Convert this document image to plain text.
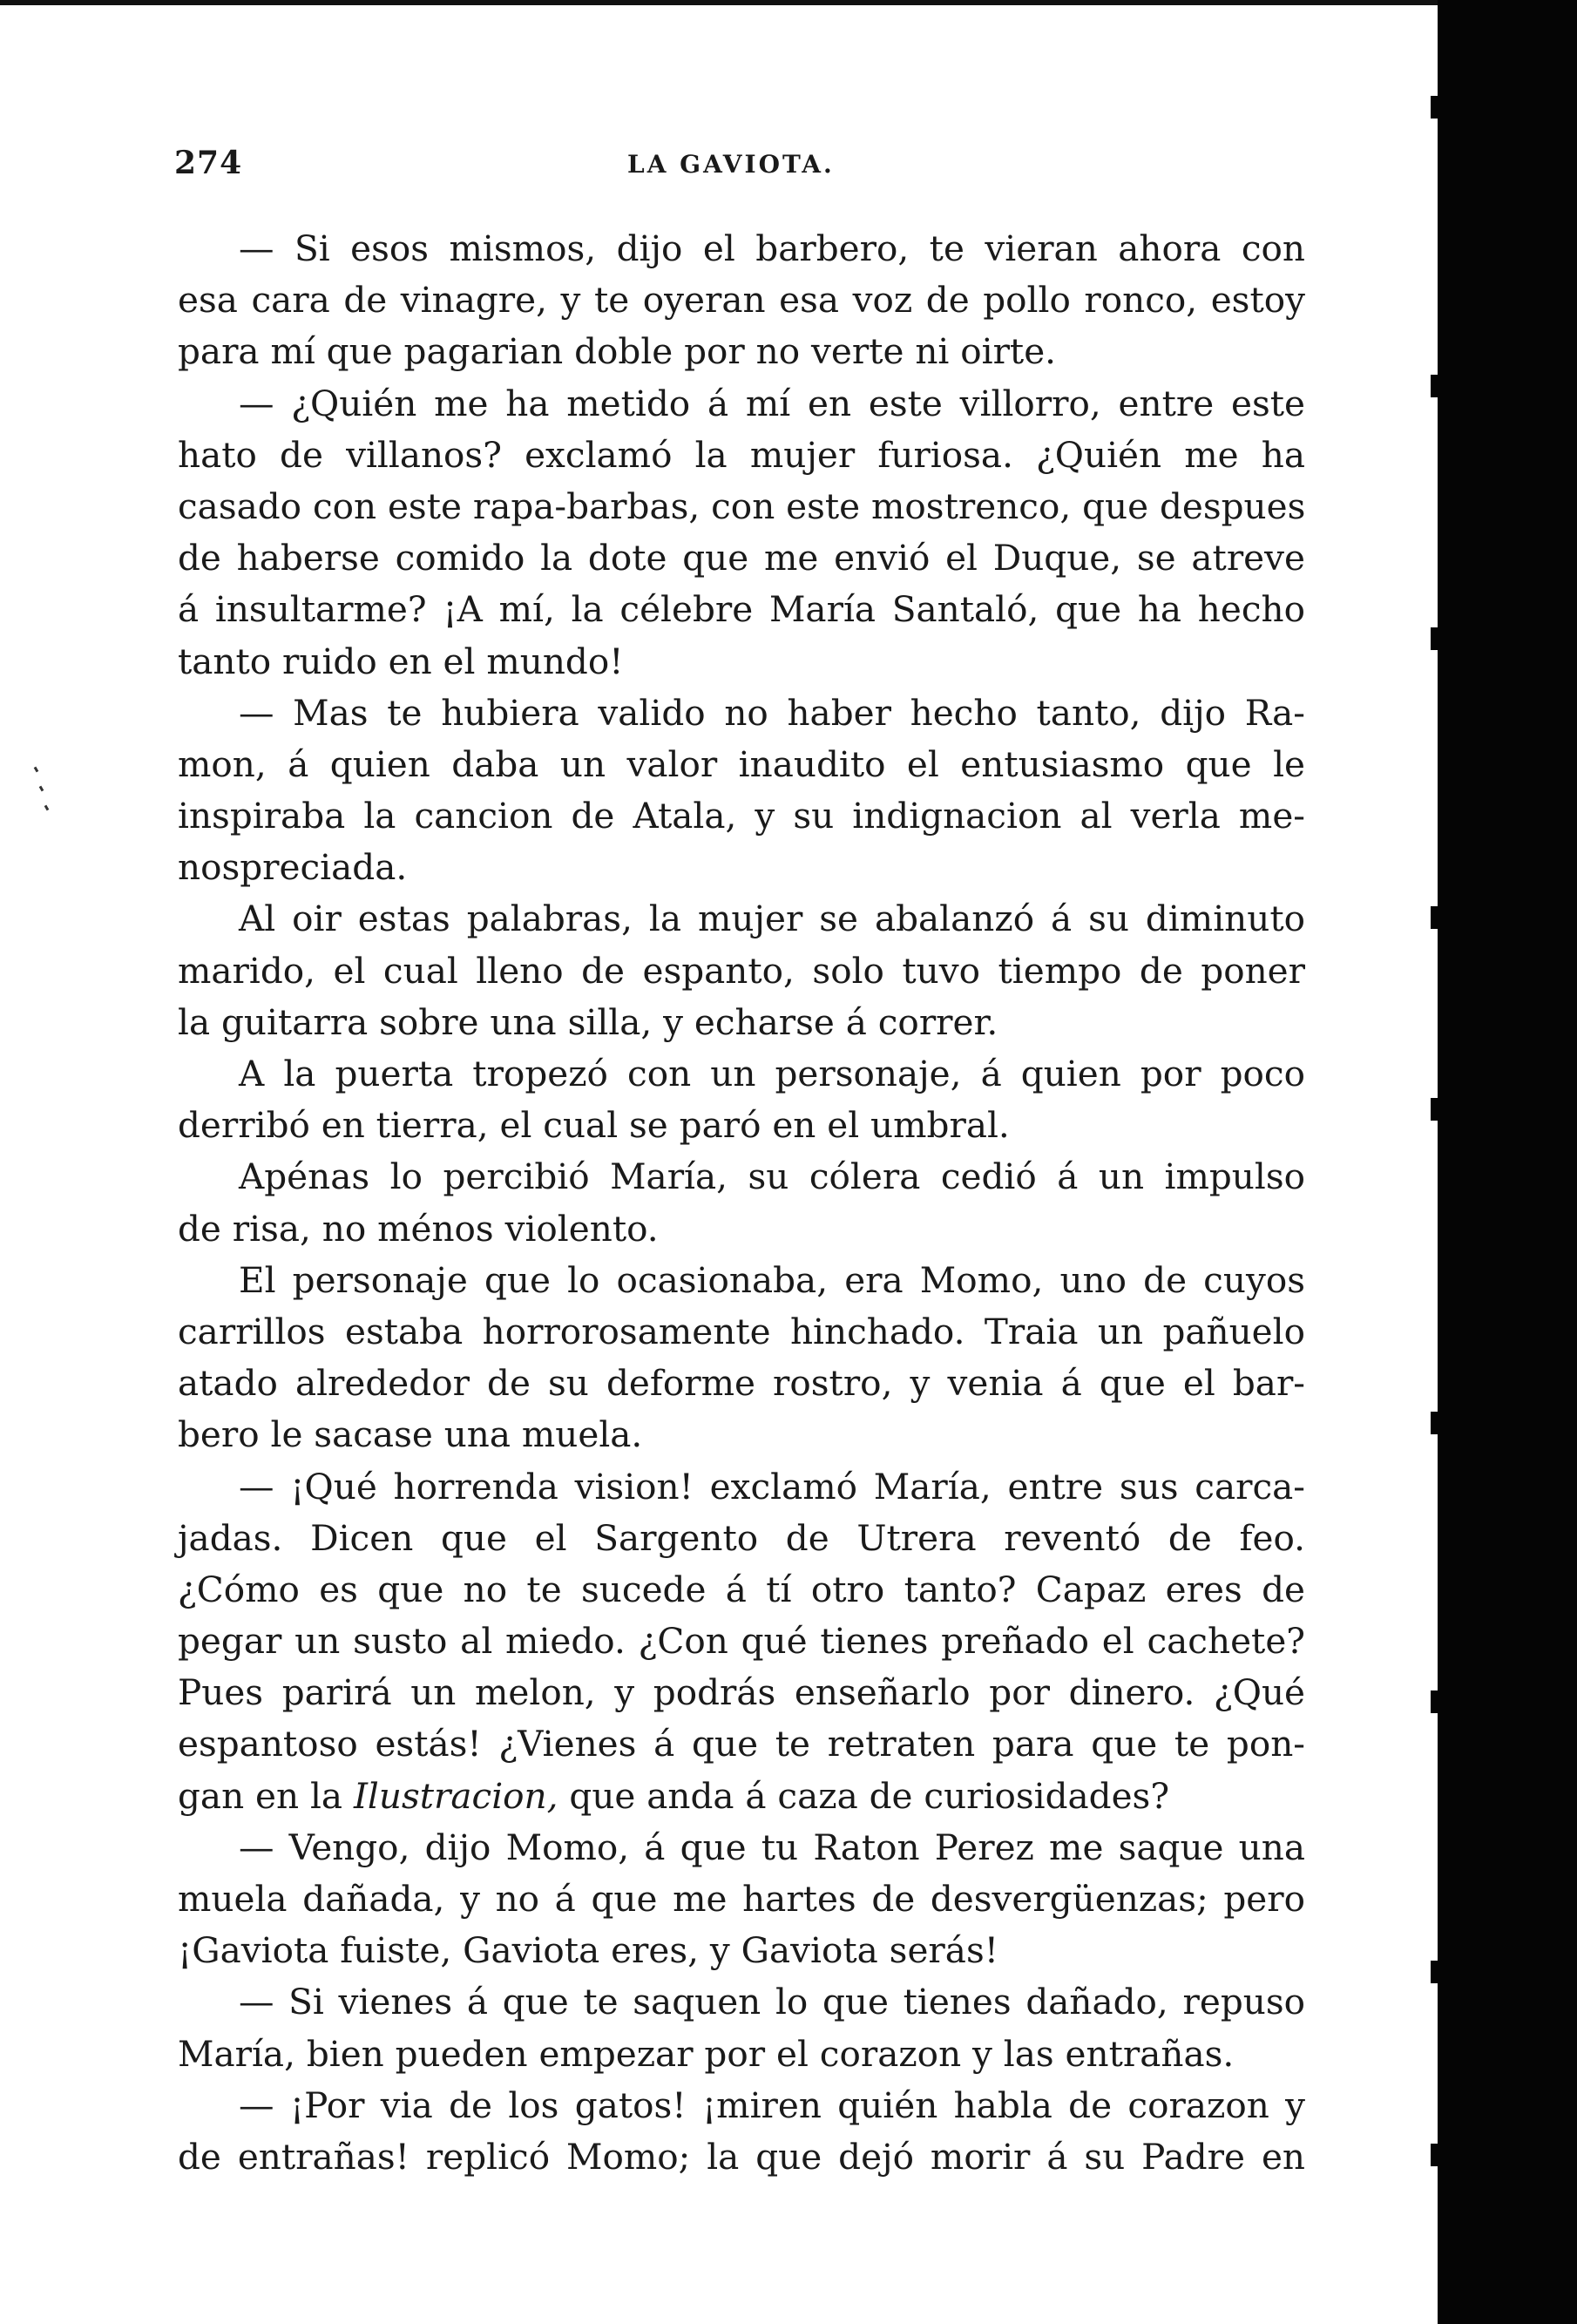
274	LA GAVIOTA.
— Si esos mismos, dijo el barbero, te vieran ahora con
esa cara de vinagre, y te oyeran esa voz de pollo ronco, estoy
para mí que pagarian doble por no verte ni oirte.
— ¿Quién me ha metido á mí en este villorro, entre este
hato de villanos? exclamó la mujer furiosa. ¿Quién me ha
casado con este rapa-barbas, con este mostrenco, que despues
de haberse comido la dote que me envió el Duque, se atreve
á insultarme? ¡A mí, la célebre María Santaló, que ha hecho
tanto ruido en el mundo!
— Mas te hubiera valido no haber hecho tanto, dijo Ra-
mon, á quien daba un valor inaudito el entusiasmo que le
inspiraba la cancion de Atala, y su indignacion al verla me-
nospreciada.
Al oir estas palabras, la mujer se abalanzó á su diminuto
marido, el cual lleno de espanto, solo tuvo tiempo de poner
la guitarra sobre una silla, y echarse á correr.
A la puerta tropezó con un personaje, á quien por poco
derribó en tierra, el cual se paró en el umbral.
Apénas lo percibió María, su cólera cedió á un impulso
de risa, no ménos violento.
El personaje que lo ocasionaba, era Momo, uno de cuyos
carrillos estaba horrorosamente hinchado. Traia un pañuelo
atado alrededor de su deforme rostro, y venia á que el bar-
bero le sacase una muela.
— ¡Qué horrenda vision! exclamó María, entre sus carca-
jadas. Dicen que el Sargento de Utrera reventó de feo.
¿Cómo es que no te sucede á tí otro tanto? Capaz eres de
pegar un susto al miedo. ¿Con qué tienes preñado el cachete?
Pues parirá un melon, y podrás enseñarlo por dinero. ¿Qué
espantoso estás! ¿Vienes á que te retraten para que te pon-
gan en la Ilustracion, que anda á caza de curiosidades?
— Vengo, dijo Momo, á que tu Raton Perez me saque una
muela dañada, y no á que me hartes de desvergüenzas; pero
¡Gaviota fuiste, Gaviota eres, y Gaviota serás!
— Si vienes á que te saquen lo que tienes dañado, repuso
María, bien pueden empezar por el corazon y las entrañas.
— ¡Por via de los gatos! ¡miren quién habla de corazon y
de entrañas! replicó Momo; la que dejó morir á su Padre en
